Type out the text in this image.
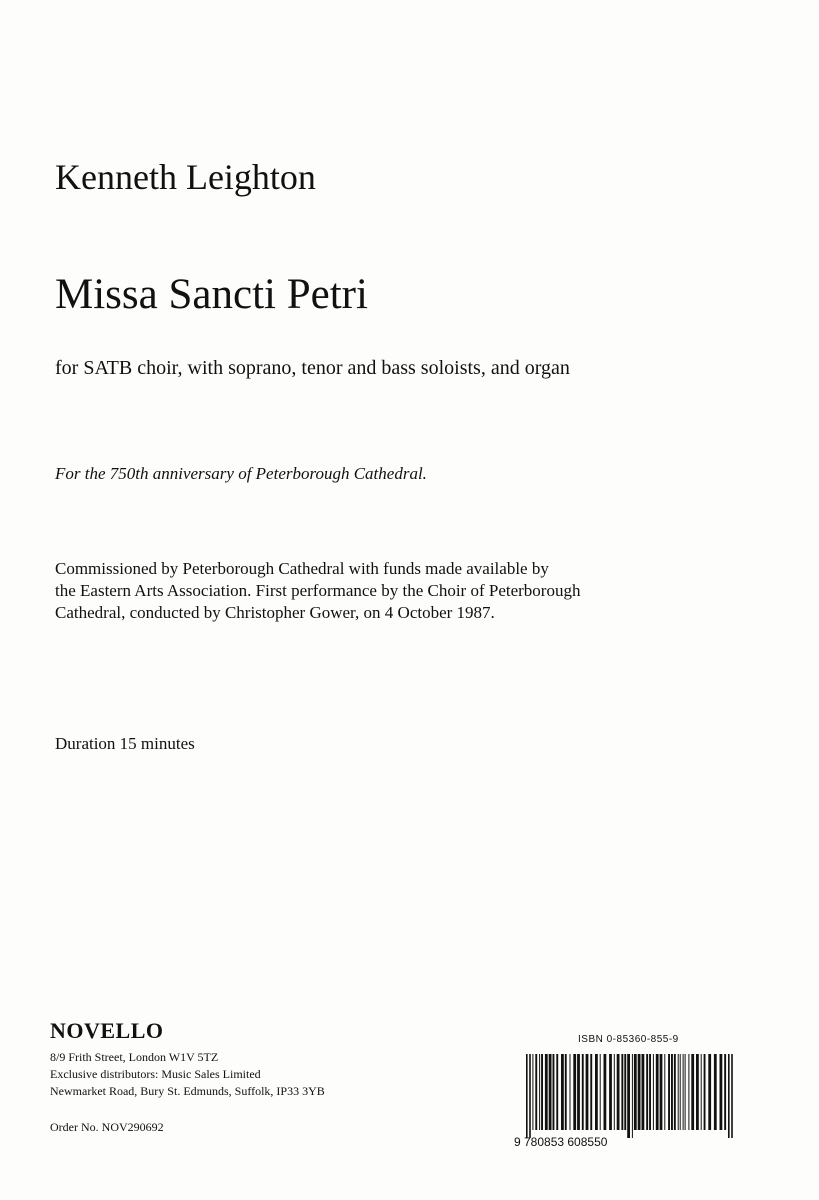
Kenneth Leighton
Missa Sancti Petri
for SATB choir, with soprano, tenor and bass soloists, and organ
For the 750th anniversary of Peterborough Cathedral.
Commissioned by Peterborough Cathedral with funds made available by
the Eastern Arts Association. First performance by the Choir of Peterborough
Cathedral, conducted by Christopher Gower, on 4 October 1987.
Duration 15 minutes
NOVELLO
8/9 Frith Street, London W1V 5TZ
Exclusive distributors: Music Sales Limited
Newmarket Road, Bury St. Edmunds, Suffolk, IP33 3YB
Order No. NOV290692
ISBN 0-85360-855-9
9 780853 608550
